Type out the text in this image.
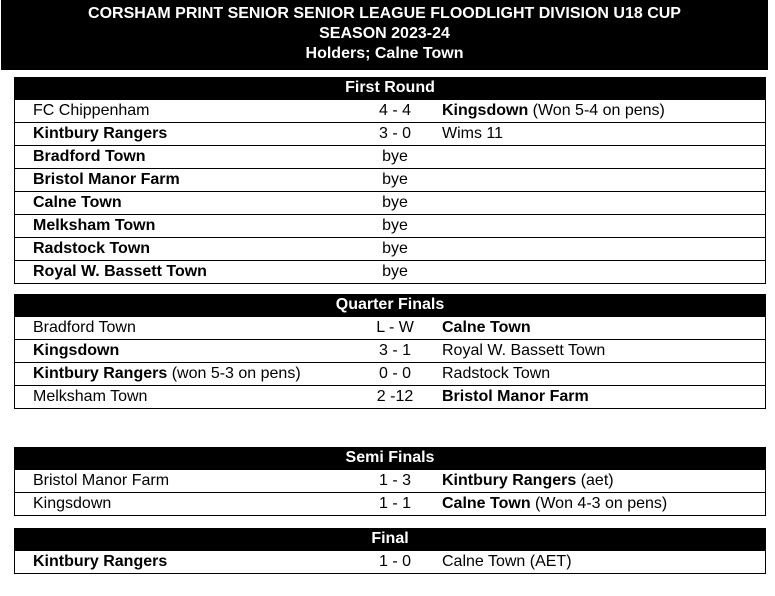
CORSHAM PRINT SENIOR SENIOR LEAGUE FLOODLIGHT DIVISION U18 CUP
SEASON 2023-24
Holders; Calne Town
First Round
FC Chippenham	4 - 4	Kingsdown (Won 5-4 on pens)
Kintbury Rangers	3 - 0	Wims 11
Bradford Town	bye
Bristol Manor Farm	bye
Calne Town	bye
Melksham Town	bye
Radstock Town	bye
Royal W. Bassett Town	bye
Quarter Finals
Bradford Town	L - W	Calne Town
Kingsdown	3 - 1	Royal W. Bassett Town
Kintbury Rangers (won 5-3 on pens)	0 - 0	Radstock Town
Melksham Town	2 -12	Bristol Manor Farm
Semi Finals
Bristol Manor Farm	1 - 3	Kintbury Rangers (aet)
Kingsdown	1 - 1	Calne Town (Won 4-3 on pens)
Final
Kintbury Rangers	1 - 0	Calne Town (AET)
